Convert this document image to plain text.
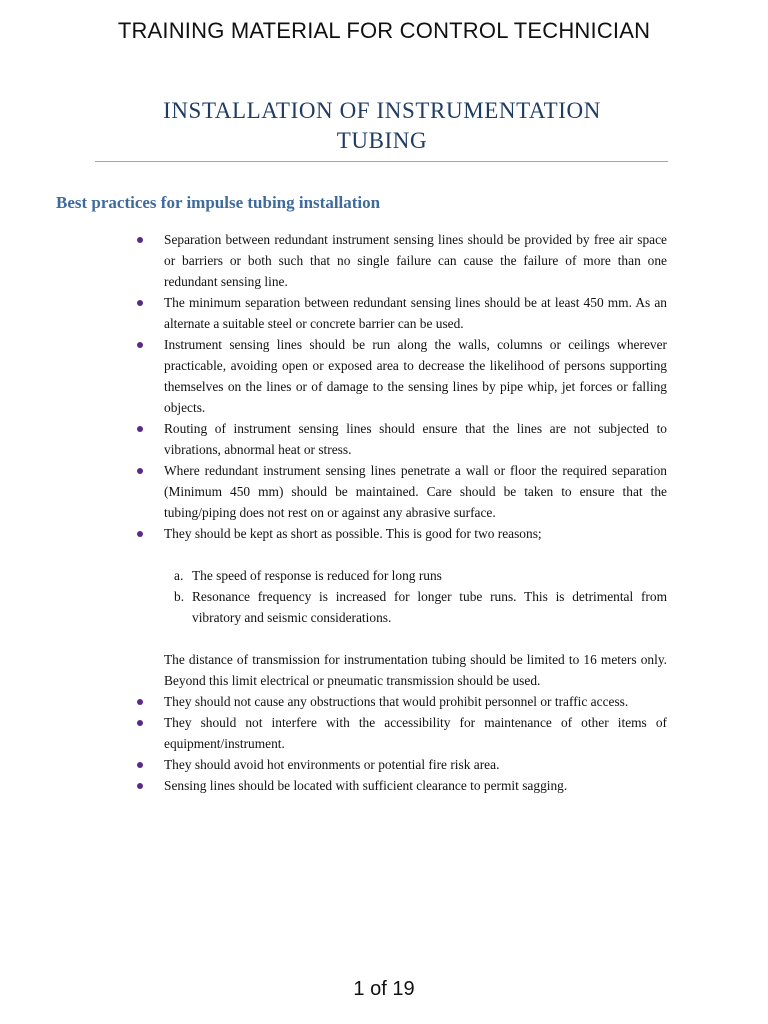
TRAINING MATERIAL FOR CONTROL TECHNICIAN
INSTALLATION OF INSTRUMENTATION
TUBING
Best practices for impulse tubing installation
Separation between redundant instrument sensing lines should be provided by free air space or barriers or both such that no single failure can cause the failure of more than one redundant sensing line.
The minimum separation between redundant sensing lines should be at least 450 mm. As an alternate a suitable steel or concrete barrier can be used.
Instrument sensing lines should be run along the walls, columns or ceilings wherever practicable, avoiding open or exposed area to decrease the likelihood of persons supporting themselves on the lines or of damage to the sensing lines by pipe whip, jet forces or falling objects.
Routing of instrument sensing lines should ensure that the lines are not subjected to vibrations, abnormal heat or stress.
Where redundant instrument sensing lines penetrate a wall or floor the required separation (Minimum 450 mm) should be maintained. Care should be taken to ensure that the tubing/piping does not rest on or against any abrasive surface.
They should be kept as short as possible. This is good for two reasons;
a. The speed of response is reduced for long runs
b. Resonance frequency is increased for longer tube runs. This is detrimental from vibratory and seismic considerations.

The distance of transmission for instrumentation tubing should be limited to 16 meters only. Beyond this limit electrical or pneumatic transmission should be used.

They should not cause any obstructions that would prohibit personnel or traffic access.
They should not interfere with the accessibility for maintenance of other items of equipment/instrument.
They should avoid hot environments or potential fire risk area.
Sensing lines should be located with sufficient clearance to permit sagging.
1 of 19
